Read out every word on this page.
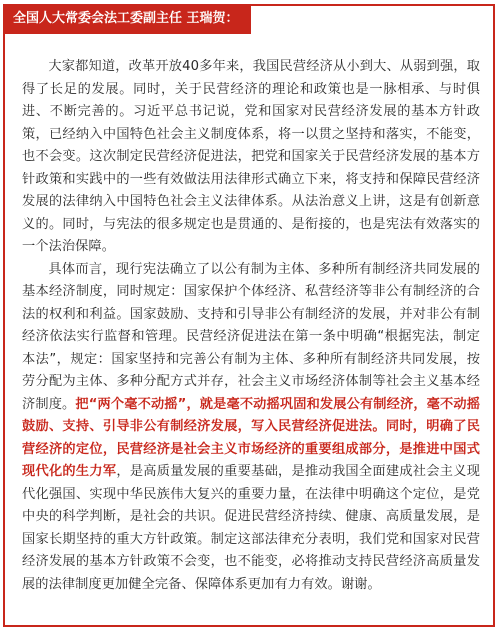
全国人大常委会法工委副主任 王瑞贺：

大家都知道，改革开放40多年来，我国民营经济从小到大、从弱到强，取得了长足的发展。同时，关于民营经济的理论和政策也是一脉相承、与时俱进、不断完善的。习近平总书记说，党和国家对民营经济发展的基本方针政策，已经纳入中国特色社会主义制度体系，将一以贯之坚持和落实，不能变，也不会变。这次制定民营经济促进法，把党和国家关于民营经济发展的基本方针政策和实践中的一些有效做法用法律形式确立下来，将支持和保障民营经济发展的法律纳入中国特色社会主义法律体系。从法治意义上讲，这是有创新意义的。同时，与宪法的很多规定也是贯通的、是衔接的，也是宪法有效落实的一个法治保障。

具体而言，现行宪法确立了以公有制为主体、多种所有制经济共同发展的基本经济制度，同时规定：国家保护个体经济、私营经济等非公有制经济的合法的权利和利益。国家鼓励、支持和引导非公有制经济的发展，并对非公有制经济依法实行监督和管理。民营经济促进法在第一条中明确“根据宪法，制定本法”，规定：国家坚持和完善公有制为主体、多种所有制经济共同发展，按劳分配为主体、多种分配方式并存，社会主义市场经济体制等社会主义基本经济制度。把“两个毫不动摇”，就是毫不动摇巩固和发展公有制经济，毫不动摇鼓励、支持、引导非公有制经济发展，写入民营经济促进法。同时，明确了民营经济的定位，民营经济是社会主义市场经济的重要组成部分，是推进中国式现代化的生力军，是高质量发展的重要基础，是推动我国全面建成社会主义现代化强国、实现中华民族伟大复兴的重要力量，在法律中明确这个定位，是党中央的科学判断，是社会的共识。促进民营经济持续、健康、高质量发展，是国家长期坚持的重大方针政策。制定这部法律充分表明，我们党和国家对民营经济发展的基本方针政策不会变，也不能变，必将推动支持民营经济高质量发展的法律制度更加健全完备、保障体系更加有力有效。谢谢。
